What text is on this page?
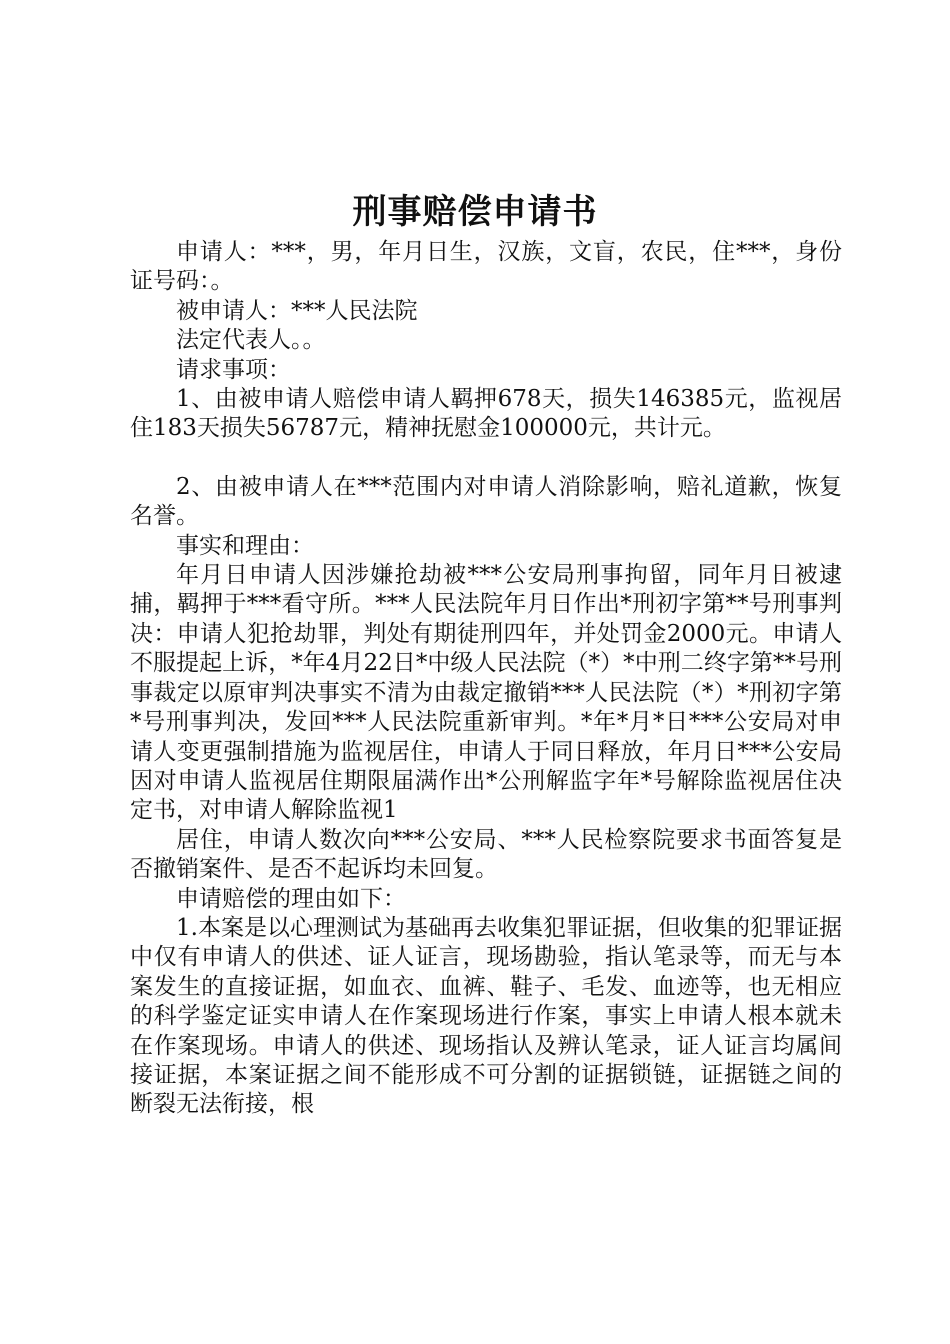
刑事赔偿申请书

申请人：***，男，年月日生，汉族，文盲，农民，住***，身份证号码：。

被申请人：***人民法院

法定代表人。。

请求事项：

1、由被申请人赔偿申请人羁押678天，损失146385元，监视居住183天损失56787元，精神抚慰金100000元，共计元。

2、由被申请人在***范围内对申请人消除影响，赔礼道歉，恢复名誉。

事实和理由：

年月日申请人因涉嫌抢劫被***公安局刑事拘留，同年月日被逮捕，羁押于***看守所。***人民法院年月日作出*刑初字第**号刑事判决：申请人犯抢劫罪，判处有期徒刑四年，并处罚金2000元。申请人不服提起上诉，*年4月22日*中级人民法院（*）*中刑二终字第**号刑事裁定以原审判决事实不清为由裁定撤销***人民法院（*）*刑初字第*号刑事判决，发回***人民法院重新审判。*年*月*日***公安局对申请人变更强制措施为监视居住，申请人于同日释放，年月日***公安局因对申请人监视居住期限届满作出*公刑解监字年*号解除监视居住决定书，对申请人解除监视1

居住，申请人数次向***公安局、***人民检察院要求书面答复是否撤销案件、是否不起诉均未回复。

申请赔偿的理由如下：

1.本案是以心理测试为基础再去收集犯罪证据，但收集的犯罪证据中仅有申请人的供述、证人证言，现场勘验，指认笔录等，而无与本案发生的直接证据，如血衣、血裤、鞋子、毛发、血迹等，也无相应的科学鉴定证实申请人在作案现场进行作案，事实上申请人根本就未在作案现场。申请人的供述、现场指认及辨认笔录，证人证言均属间接证据，本案证据之间不能形成不可分割的证据锁链，证据链之间的断裂无法衔接，根
